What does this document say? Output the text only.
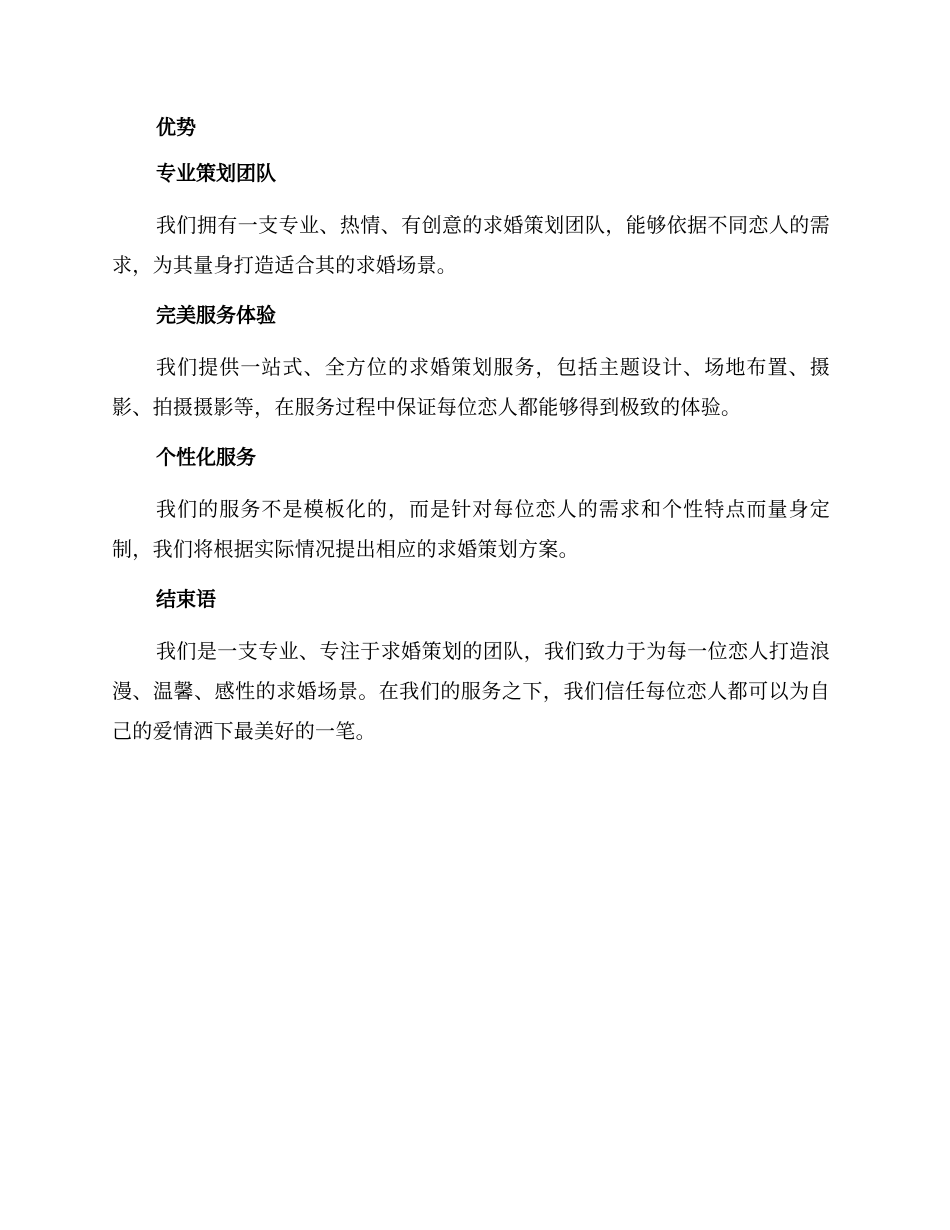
优势
专业策划团队

我们拥有一支专业、热情、有创意的求婚策划团队，能够依据不同恋人的需求，为其量身打造适合其的求婚场景。

完美服务体验

我们提供一站式、全方位的求婚策划服务，包括主题设计、场地布置、摄影、拍摄摄影等，在服务过程中保证每位恋人都能够得到极致的体验。

个性化服务

我们的服务不是模板化的，而是针对每位恋人的需求和个性特点而量身定制，我们将根据实际情况提出相应的求婚策划方案。

结束语

我们是一支专业、专注于求婚策划的团队，我们致力于为每一位恋人打造浪漫、温馨、感性的求婚场景。在我们的服务之下，我们信任每位恋人都可以为自己的爱情洒下最美好的一笔。
